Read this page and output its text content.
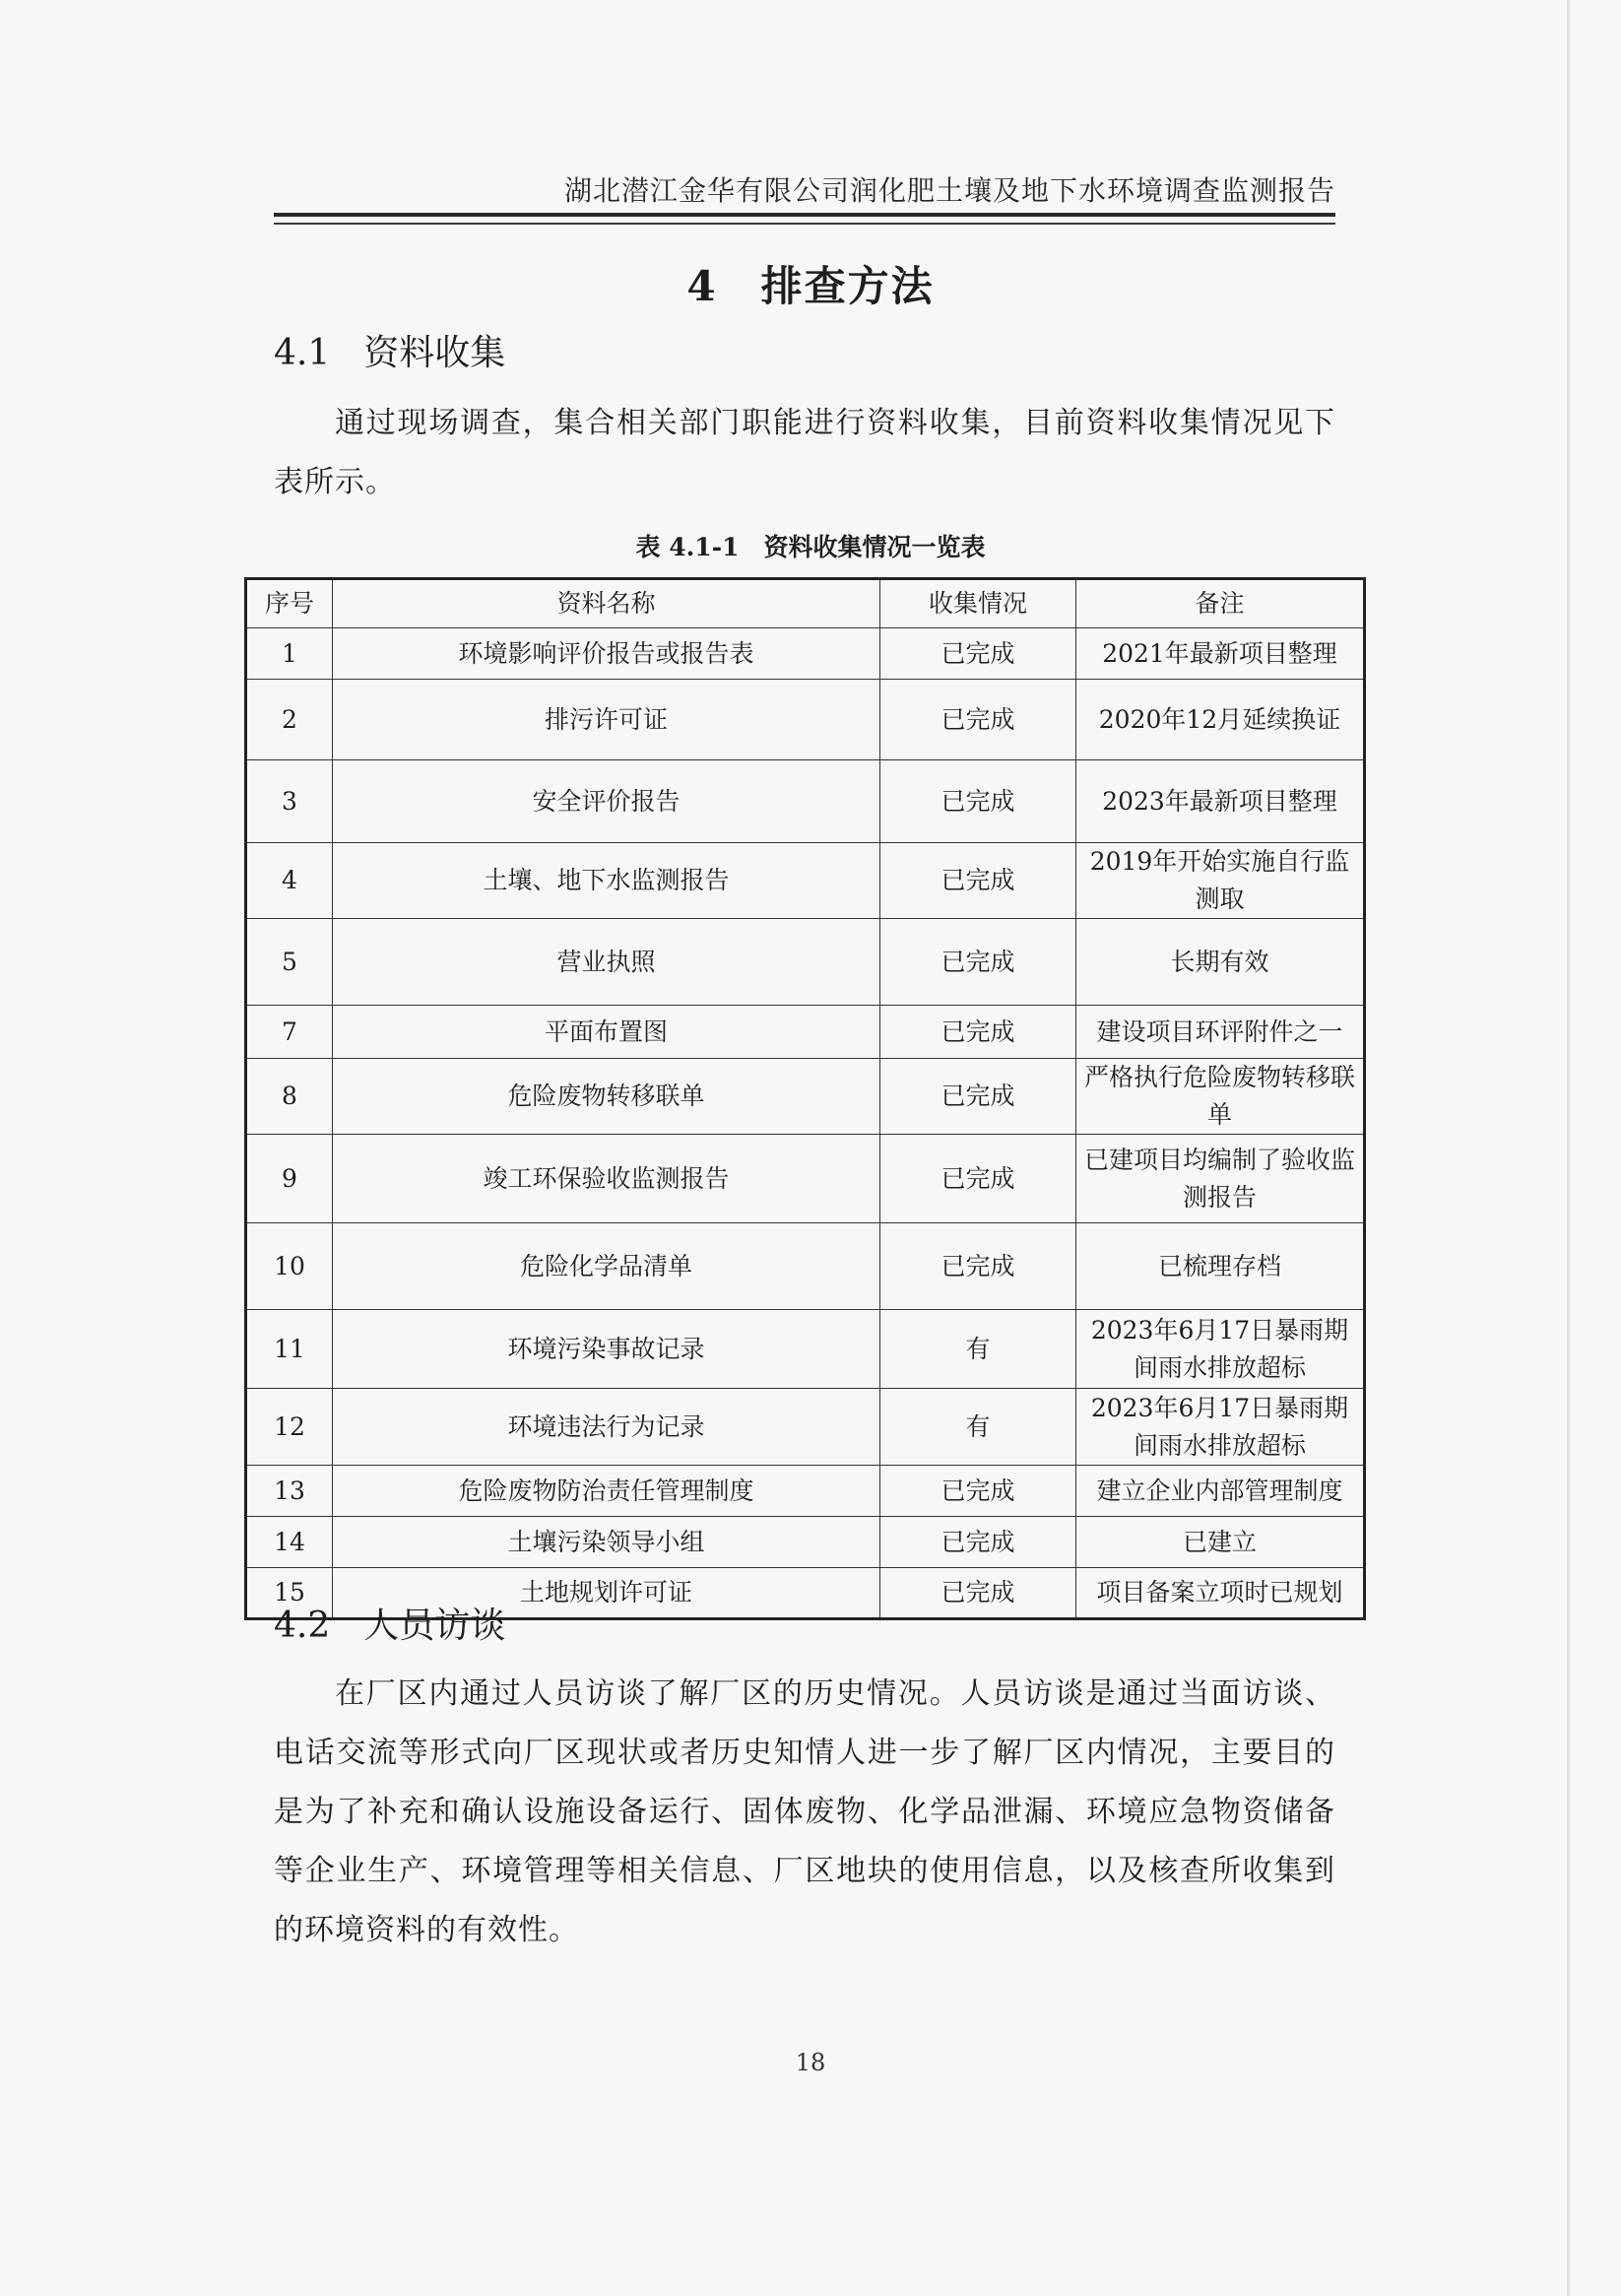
湖北潜江金华有限公司润化肥土壤及地下水环境调查监测报告
4　排查方法
4.1 资料收集
通过现场调查，集合相关部门职能进行资料收集，目前资料收集情况见下表所示。
表 4.1-1　资料收集情况一览表
序号	资料名称	收集情况	备注
1	环境影响评价报告或报告表	已完成	2021年最新项目整理
2	排污许可证	已完成	2020年12月延续换证
3	安全评价报告	已完成	2023年最新项目整理
4	土壤、地下水监测报告	已完成	2019年开始实施自行监测取
5	营业执照	已完成	长期有效
7	平面布置图	已完成	建设项目环评附件之一
8	危险废物转移联单	已完成	严格执行危险废物转移联单
9	竣工环保验收监测报告	已完成	已建项目均编制了验收监测报告
10	危险化学品清单	已完成	已梳理存档
11	环境污染事故记录	有	2023年6月17日暴雨期间雨水排放超标
12	环境违法行为记录	有	2023年6月17日暴雨期间雨水排放超标
13	危险废物防治责任管理制度	已完成	建立企业内部管理制度
14	土壤污染领导小组	已完成	已建立
15	土地规划许可证	已完成	项目备案立项时已规划
4.2 人员访谈
在厂区内通过人员访谈了解厂区的历史情况。人员访谈是通过当面访谈、电话交流等形式向厂区现状或者历史知情人进一步了解厂区内情况，主要目的是为了补充和确认设施设备运行、固体废物、化学品泄漏、环境应急物资储备等企业生产、环境管理等相关信息、厂区地块的使用信息，以及核查所收集到的环境资料的有效性。
18
